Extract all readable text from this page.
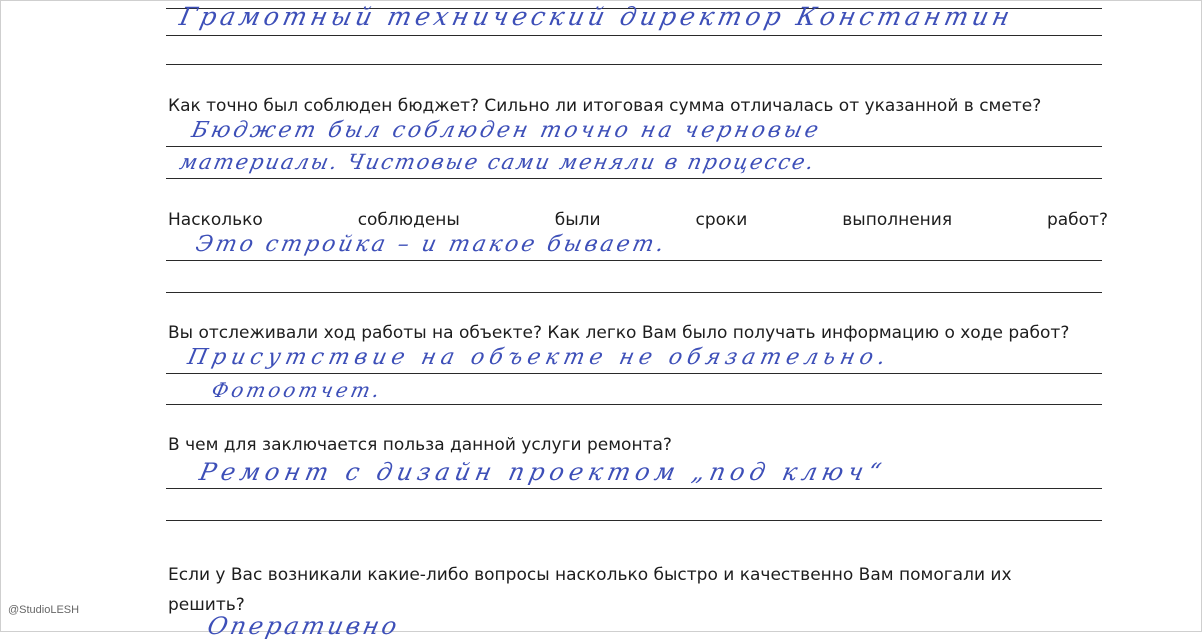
Грамотный технический директор Константин
Как точно был соблюден бюджет? Сильно ли итоговая сумма отличалась от указанной в смете?
Бюджет был соблюден точно на черновые
материалы. Чистовые сами меняли в процессе.
Насколько	соблюдены	были	сроки	выполнения	работ?
Это стройка – и такое бывает.
Вы отслеживали ход работы на объекте? Как легко Вам было получать информацию о ходе работ?
Присутствие на объекте не обязательно.
Фотоотчет.
В чем для заключается польза данной услуги ремонта?
Ремонт с дизайн проектом „под ключ“
Если у Вас возникали какие-либо вопросы насколько быстро и качественно Вам помогали их решить?
Оперативно
@StudioLESH
